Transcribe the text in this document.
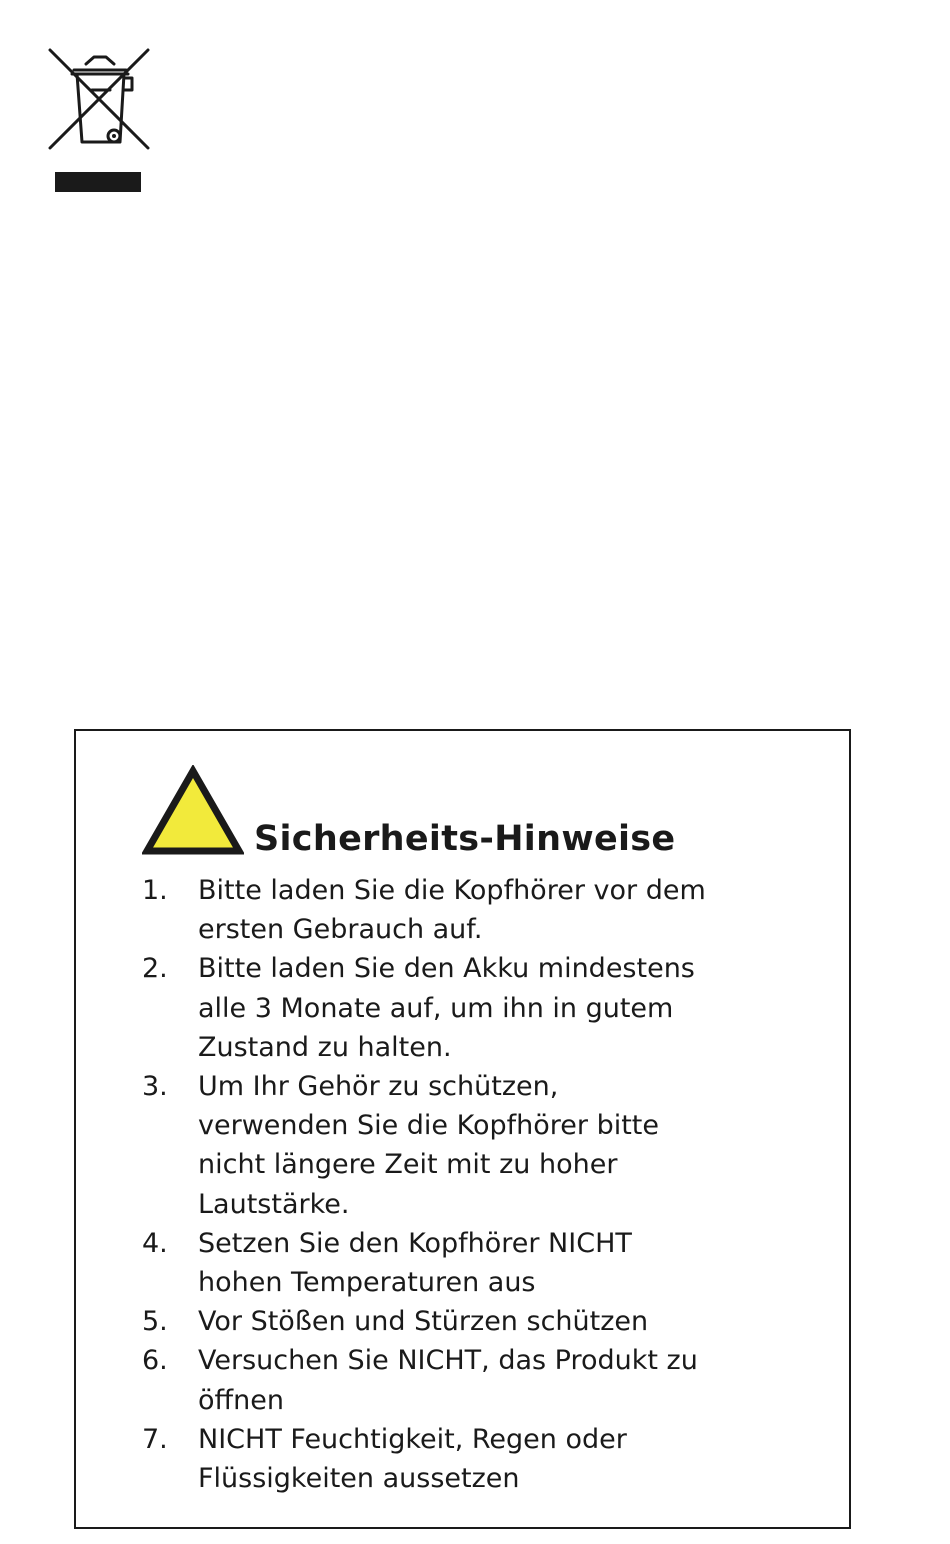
Sicherheits-Hinweise
1.	Bitte laden Sie die Kopfhörer vor dem
ersten Gebrauch auf.
2.	Bitte laden Sie den Akku mindestens
alle 3 Monate auf, um ihn in gutem
Zustand zu halten.
3.	Um Ihr Gehör zu schützen,
verwenden Sie die Kopfhörer bitte
nicht längere Zeit mit zu hoher
Lautstärke.
4.	Setzen Sie den Kopfhörer NICHT
hohen Temperaturen aus
5.	Vor Stößen und Stürzen schützen
6.	Versuchen Sie NICHT, das Produkt zu
öffnen
7.	NICHT Feuchtigkeit, Regen oder
Flüssigkeiten aussetzen
